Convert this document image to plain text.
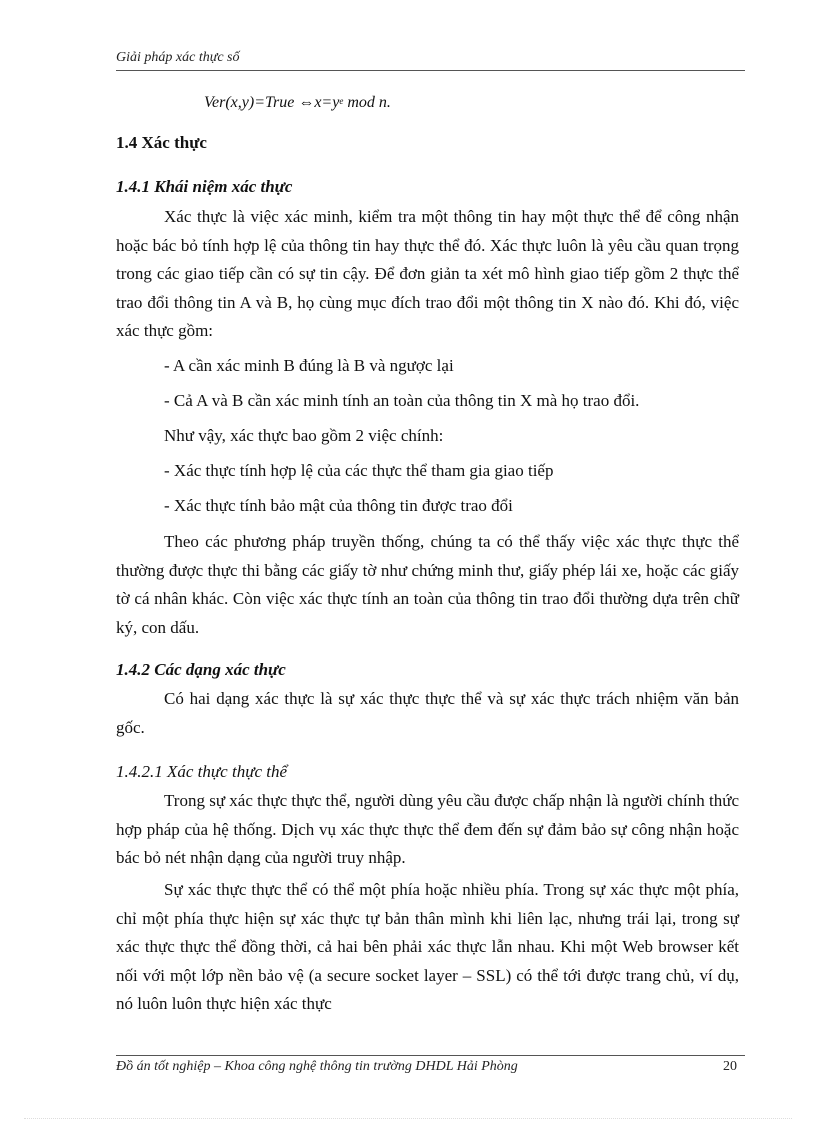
Giải pháp xác thực số
Ver(x,y)=True $\Leftrightarrow x=y^e$ mod n.
1.4 Xác thực
1.4.1 Khái niệm xác thực

Xác thực là việc xác minh, kiểm tra một thông tin hay một thực thể để công nhận hoặc bác bỏ tính hợp lệ của thông tin hay thực thể đó. Xác thực luôn là yêu cầu quan trọng trong các giao tiếp cần có sự tin cậy. Để đơn giản ta xét mô hình giao tiếp gồm 2 thực thể trao đổi thông tin A và B, họ cùng mục đích trao đổi một thông tin X nào đó. Khi đó, việc xác thực gồm:

- A cần xác minh B đúng là B và ngược lại
- Cả A và B cần xác minh tính an toàn của thông tin X mà họ trao đổi.
Như vậy, xác thực bao gồm 2 việc chính:
- Xác thực tính hợp lệ của các thực thể tham gia giao tiếp
- Xác thực tính bảo mật của thông tin được trao đổi

Theo các phương pháp truyền thống, chúng ta có thể thấy việc xác thực thực thể thường được thực thi bằng các giấy tờ như chứng minh thư, giấy phép lái xe, hoặc các giấy tờ cá nhân khác. Còn việc xác thực tính an toàn của thông tin trao đổi thường dựa trên chữ ký, con dấu.

1.4.2 Các dạng xác thực

Có hai dạng xác thực là sự xác thực thực thể và sự xác thực trách nhiệm văn bản gốc.

1.4.2.1 Xác thực thực thể

Trong sự xác thực thực thể, người dùng yêu cầu được chấp nhận là người chính thức hợp pháp của hệ thống. Dịch vụ xác thực thực thể đem đến sự đảm bảo sự công nhận hoặc bác bỏ nét nhận dạng của người truy nhập.

Sự xác thực thực thể có thể một phía hoặc nhiều phía. Trong sự xác thực một phía, chỉ một phía thực hiện sự xác thực tự bản thân mình khi liên lạc, nhưng trái lại, trong sự xác thực thực thể đồng thời, cả hai bên phải xác thực lẫn nhau. Khi một Web browser kết nối với một lớp nền bảo vệ (a secure socket layer – SSL) có thể tới được trang chủ, ví dụ, nó luôn luôn thực hiện xác thực

Đồ án tốt nghiệp – Khoa công nghệ thông tin trường DHDL Hải Phòng	20
